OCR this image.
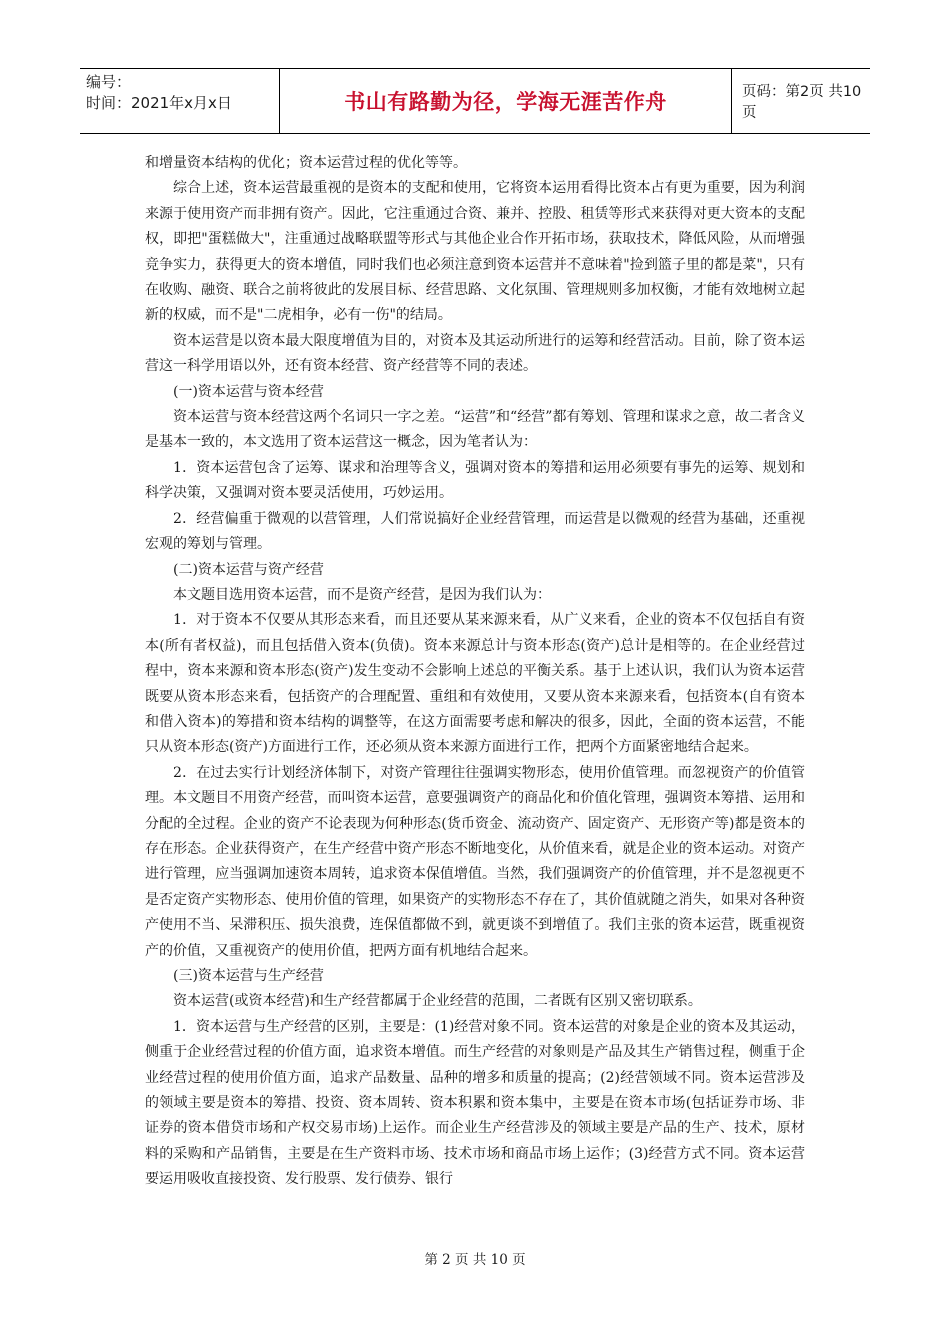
编号：
时间：2021年x月x日	书山有路勤为径，学海无涯苦作舟	页码：第2页 共10页

和增量资本结构的优化；资本运营过程的优化等等。

综合上述，资本运营最重视的是资本的支配和使用，它将资本运用看得比资本占有更为重要，因为利润来源于使用资产而非拥有资产。因此，它注重通过合资、兼并、控股、租赁等形式来获得对更大资本的支配权，即把"蛋糕做大"，注重通过战略联盟等形式与其他企业合作开拓市场，获取技术，降低风险，从而增强竞争实力，获得更大的资本增值，同时我们也必须注意到资本运营并不意味着"捡到篮子里的都是菜"，只有在收购、融资、联合之前将彼此的发展目标、经营思路、文化氛围、管理规则多加权衡，才能有效地树立起新的权威，而不是"二虎相争，必有一伤"的结局。

资本运营是以资本最大限度增值为目的，对资本及其运动所进行的运筹和经营活动。目前，除了资本运营这一科学用语以外，还有资本经营、资产经营等不同的表述。

(一)资本运营与资本经营

资本运营与资本经营这两个名词只一字之差。“运营”和“经营”都有筹划、管理和谋求之意，故二者含义是基本一致的，本文选用了资本运营这一概念，因为笔者认为：

1．资本运营包含了运筹、谋求和治理等含义，强调对资本的筹措和运用必须要有事先的运筹、规划和科学决策，又强调对资本要灵活使用，巧妙运用。

2．经营偏重于微观的以营管理，人们常说搞好企业经营管理，而运营是以微观的经营为基础，还重视宏观的筹划与管理。

(二)资本运营与资产经营

本文题目选用资本运营，而不是资产经营，是因为我们认为：

1．对于资本不仅要从其形态来看，而且还要从某来源来看，从广义来看，企业的资本不仅包括自有资本(所有者权益)，而且包括借入资本(负债)。资本来源总计与资本形态(资产)总计是相等的。在企业经营过程中，资本来源和资本形态(资产)发生变动不会影响上述总的平衡关系。基于上述认识，我们认为资本运营既要从资本形态来看，包括资产的合理配置、重组和有效使用，又要从资本来源来看，包括资本(自有资本和借入资本)的筹措和资本结构的调整等，在这方面需要考虑和解决的很多，因此，全面的资本运营，不能只从资本形态(资产)方面进行工作，还必须从资本来源方面进行工作，把两个方面紧密地结合起来。

2．在过去实行计划经济体制下，对资产管理往往强调实物形态，使用价值管理。而忽视资产的价值管理。本文题目不用资产经营，而叫资本运营，意要强调资产的商品化和价值化管理，强调资本筹措、运用和分配的全过程。企业的资产不论表现为何种形态(货币资金、流动资产、固定资产、无形资产等)都是资本的存在形态。企业获得资产，在生产经营中资产形态不断地变化，从价值来看，就是企业的资本运动。对资产进行管理，应当强调加速资本周转，追求资本保值增值。当然，我们强调资产的价值管理，并不是忽视更不是否定资产实物形态、使用价值的管理，如果资产的实物形态不存在了，其价值就随之消失，如果对各种资产使用不当、呆滞积压、损失浪费，连保值都做不到，就更谈不到增值了。我们主张的资本运营，既重视资产的价值，又重视资产的使用价值，把两方面有机地结合起来。

(三)资本运营与生产经营

资本运营(或资本经营)和生产经营都属于企业经营的范围，二者既有区别又密切联系。

1．资本运营与生产经营的区别，主要是：(1)经营对象不同。资本运营的对象是企业的资本及其运动，侧重于企业经营过程的价值方面，追求资本增值。而生产经营的对象则是产品及其生产销售过程，侧重于企业经营过程的使用价值方面，追求产品数量、品种的增多和质量的提高；(2)经营领域不同。资本运营涉及的领域主要是资本的筹措、投资、资本周转、资本积累和资本集中，主要是在资本市场(包括证券市场、非证券的资本借贷市场和产权交易市场)上运作。而企业生产经营涉及的领域主要是产品的生产、技术，原材料的采购和产品销售，主要是在生产资料市场、技术市场和商品市场上运作；(3)经营方式不同。资本运营要运用吸收直接投资、发行股票、发行债券、银行

第 2 页 共 10 页
